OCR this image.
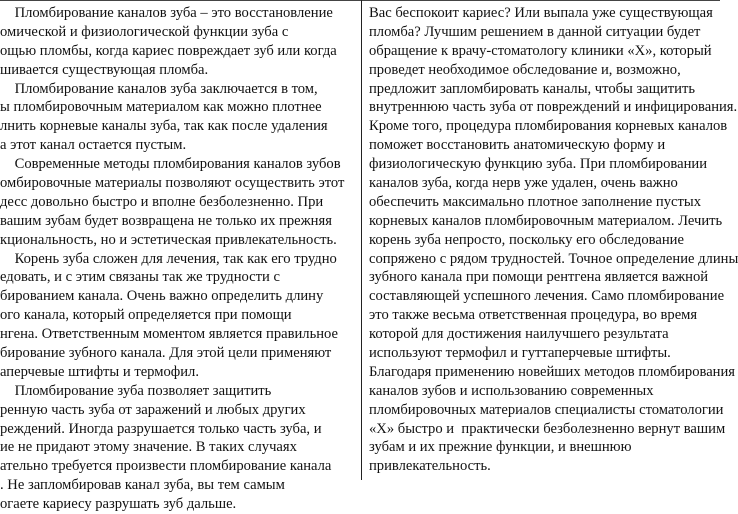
Пломбирование каналов зуба – это восстановление
омической и физиологической функции зуба с
ощью пломбы, когда кариес повреждает зуб или когда
шивается существующая пломба.
Пломбирование каналов зуба заключается в том,
ы пломбировочным материалом как можно плотнее
лнить корневые каналы зуба, так как после удаления
а этот канал остается пустым.
Современные методы пломбирования каналов зубов
омбировочные материалы позволяют осуществить этот
десс довольно быстро и вполне безболезненно. При
вашим зубам будет возвращена не только их прежняя
кциональность, но и эстетическая привлекательность.
Корень зуба сложен для лечения, так как его трудно
едовать, и с этим связаны так же трудности с
бированием канала. Очень важно определить длину
ого канала, который определяется при помощи
нгена. Ответственным моментом является правильное
бирование зубного канала. Для этой цели применяют
аперчевые штифты и термофил.
Пломбирование зуба позволяет защитить
ренную часть зуба от заражений и любых других
реждений. Иногда разрушается только часть зуба, и
ие не придают этому значение. В таких случаях
ательно требуется произвести пломбирование канала
. Не запломбировав канал зуба, вы тем самым
огаете кариесу разрушать зуб дальше.
Вас беспокоит кариес? Или выпала уже существующая
пломба? Лучшим решением в данной ситуации будет
обращение к врачу-стоматологу клиники «Х», который
проведет необходимое обследование и, возможно,
предложит запломбировать каналы, чтобы защитить
внутреннюю часть зуба от повреждений и инфицирования.
Кроме того, процедура пломбирования корневых каналов
поможет восстановить анатомическую форму и
физиологическую функцию зуба. При пломбировании
каналов зуба, когда нерв уже удален, очень важно
обеспечить максимально плотное заполнение пустых
корневых каналов пломбировочным материалом. Лечить
корень зуба непросто, поскольку его обследование
сопряжено с рядом трудностей. Точное определение длины
зубного канала при помощи рентгена является важной
составляющей успешного лечения. Само пломбирование
это также весьма ответственная процедура, во время
которой для достижения наилучшего результата
используют термофил и гуттаперчевые штифты.
Благодаря применению новейших методов пломбирования
каналов зубов и использованию современных
пломбировочных материалов специалисты стоматологии
«Х» быстро и  практически безболезненно вернут вашим
зубам и их прежние функции, и внешнюю
привлекательность.
